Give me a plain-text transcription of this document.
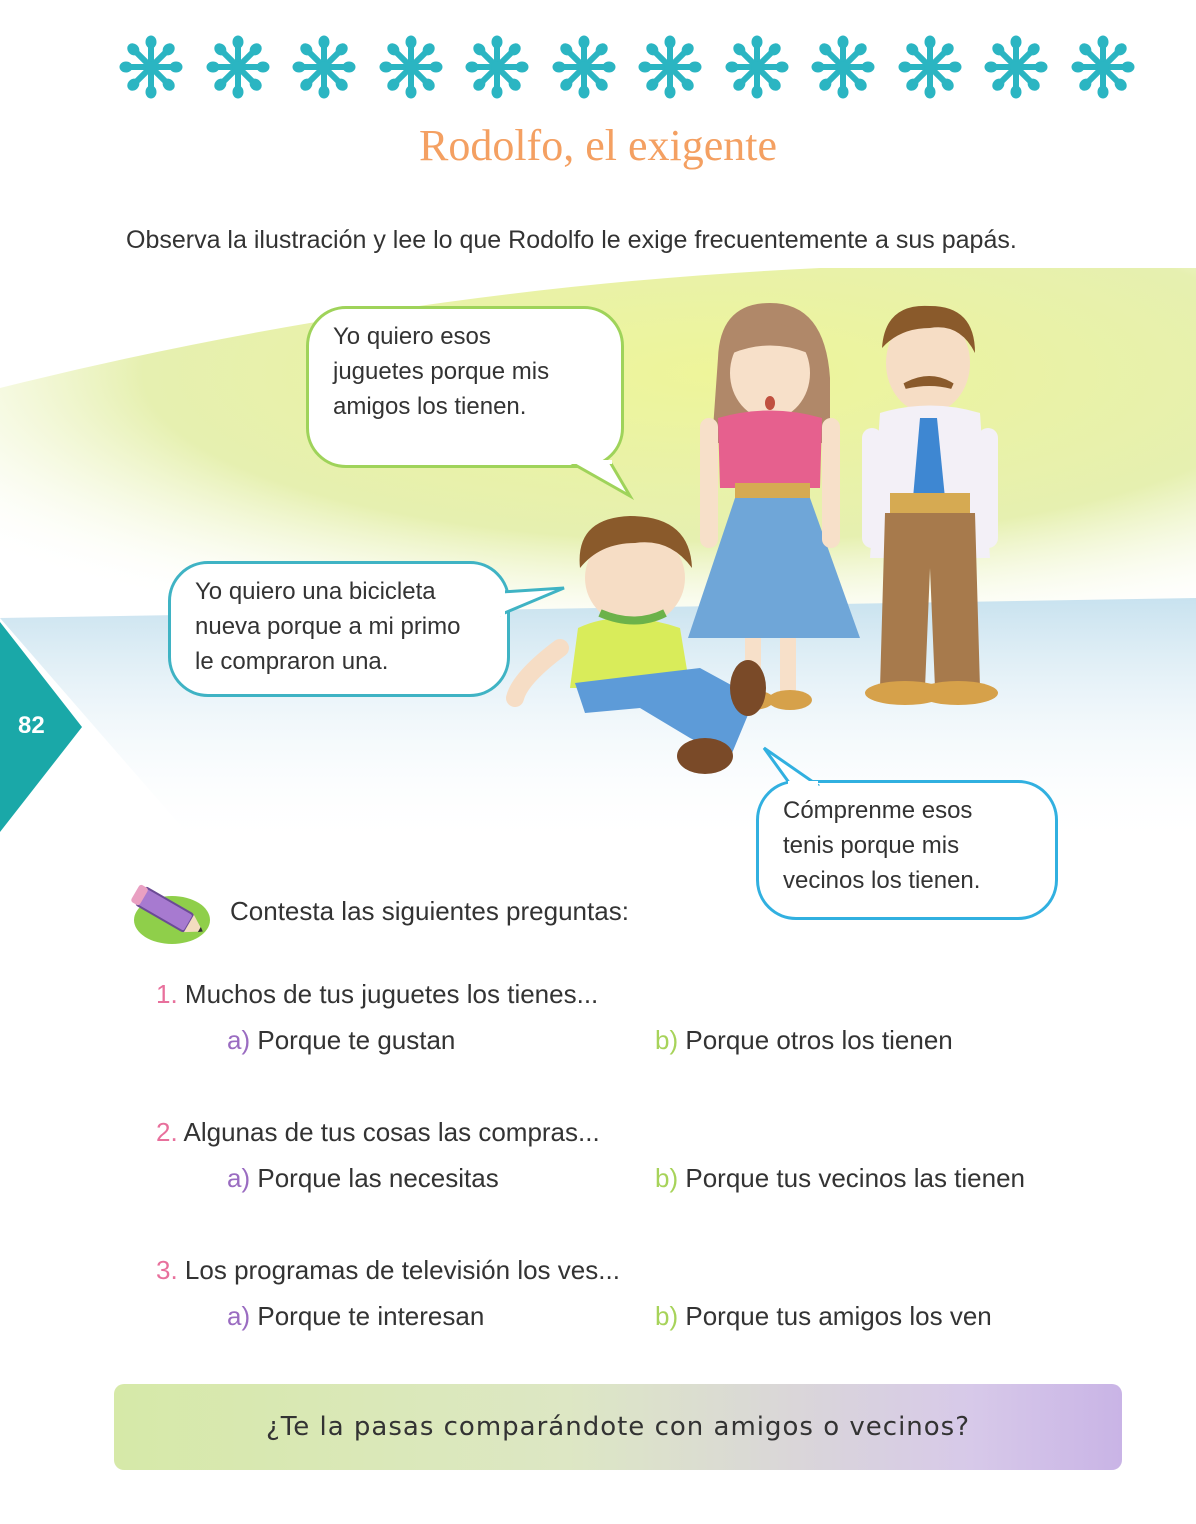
Rodolfo, el exigente
Observa la ilustración y lee lo que Rodolfo le exige frecuentemente a sus papás.
Yo quiero esos
juguetes porque mis
amigos los tienen.
Yo quiero una bicicleta
nueva porque a mi primo
le compraron una.
Cómprenme esos
tenis porque mis
vecinos los tienen.
82
Contesta las siguientes preguntas:
1. Muchos de tus juguetes los tienes...
a) Porque te gustan	b) Porque otros los tienen
2. Algunas de tus cosas las compras...
a) Porque las necesitas	b) Porque tus vecinos las tienen
3. Los programas de televisión los ves...
a) Porque te interesan	b) Porque tus amigos los ven
¿Te la pasas comparándote con amigos o vecinos?
